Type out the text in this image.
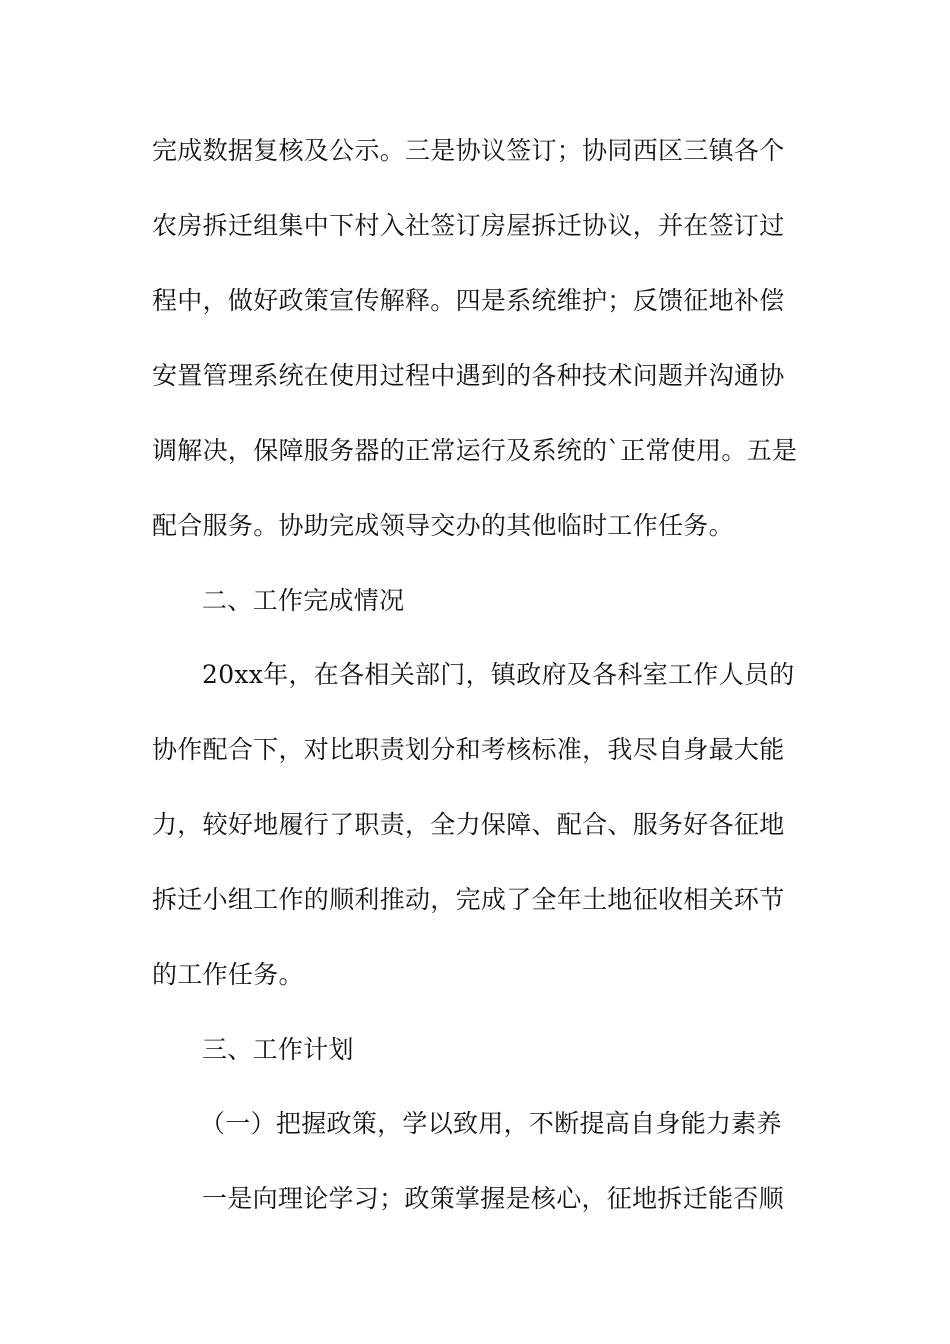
完成数据复核及公示。三是协议签订；协同西区三镇各个
农房拆迁组集中下村入社签订房屋拆迁协议，并在签订过
程中，做好政策宣传解释。四是系统维护；反馈征地补偿
安置管理系统在使用过程中遇到的各种技术问题并沟通协
调解决，保障服务器的正常运行及系统的`正常使用。五是
配合服务。协助完成领导交办的其他临时工作任务。
二、工作完成情况
20xx年，在各相关部门，镇政府及各科室工作人员的
协作配合下，对比职责划分和考核标准，我尽自身最大能
力，较好地履行了职责，全力保障、配合、服务好各征地
拆迁小组工作的顺利推动，完成了全年土地征收相关环节
的工作任务。
三、工作计划
（一）把握政策，学以致用，不断提高自身能力素养
一是向理论学习；政策掌握是核心，征地拆迁能否顺
